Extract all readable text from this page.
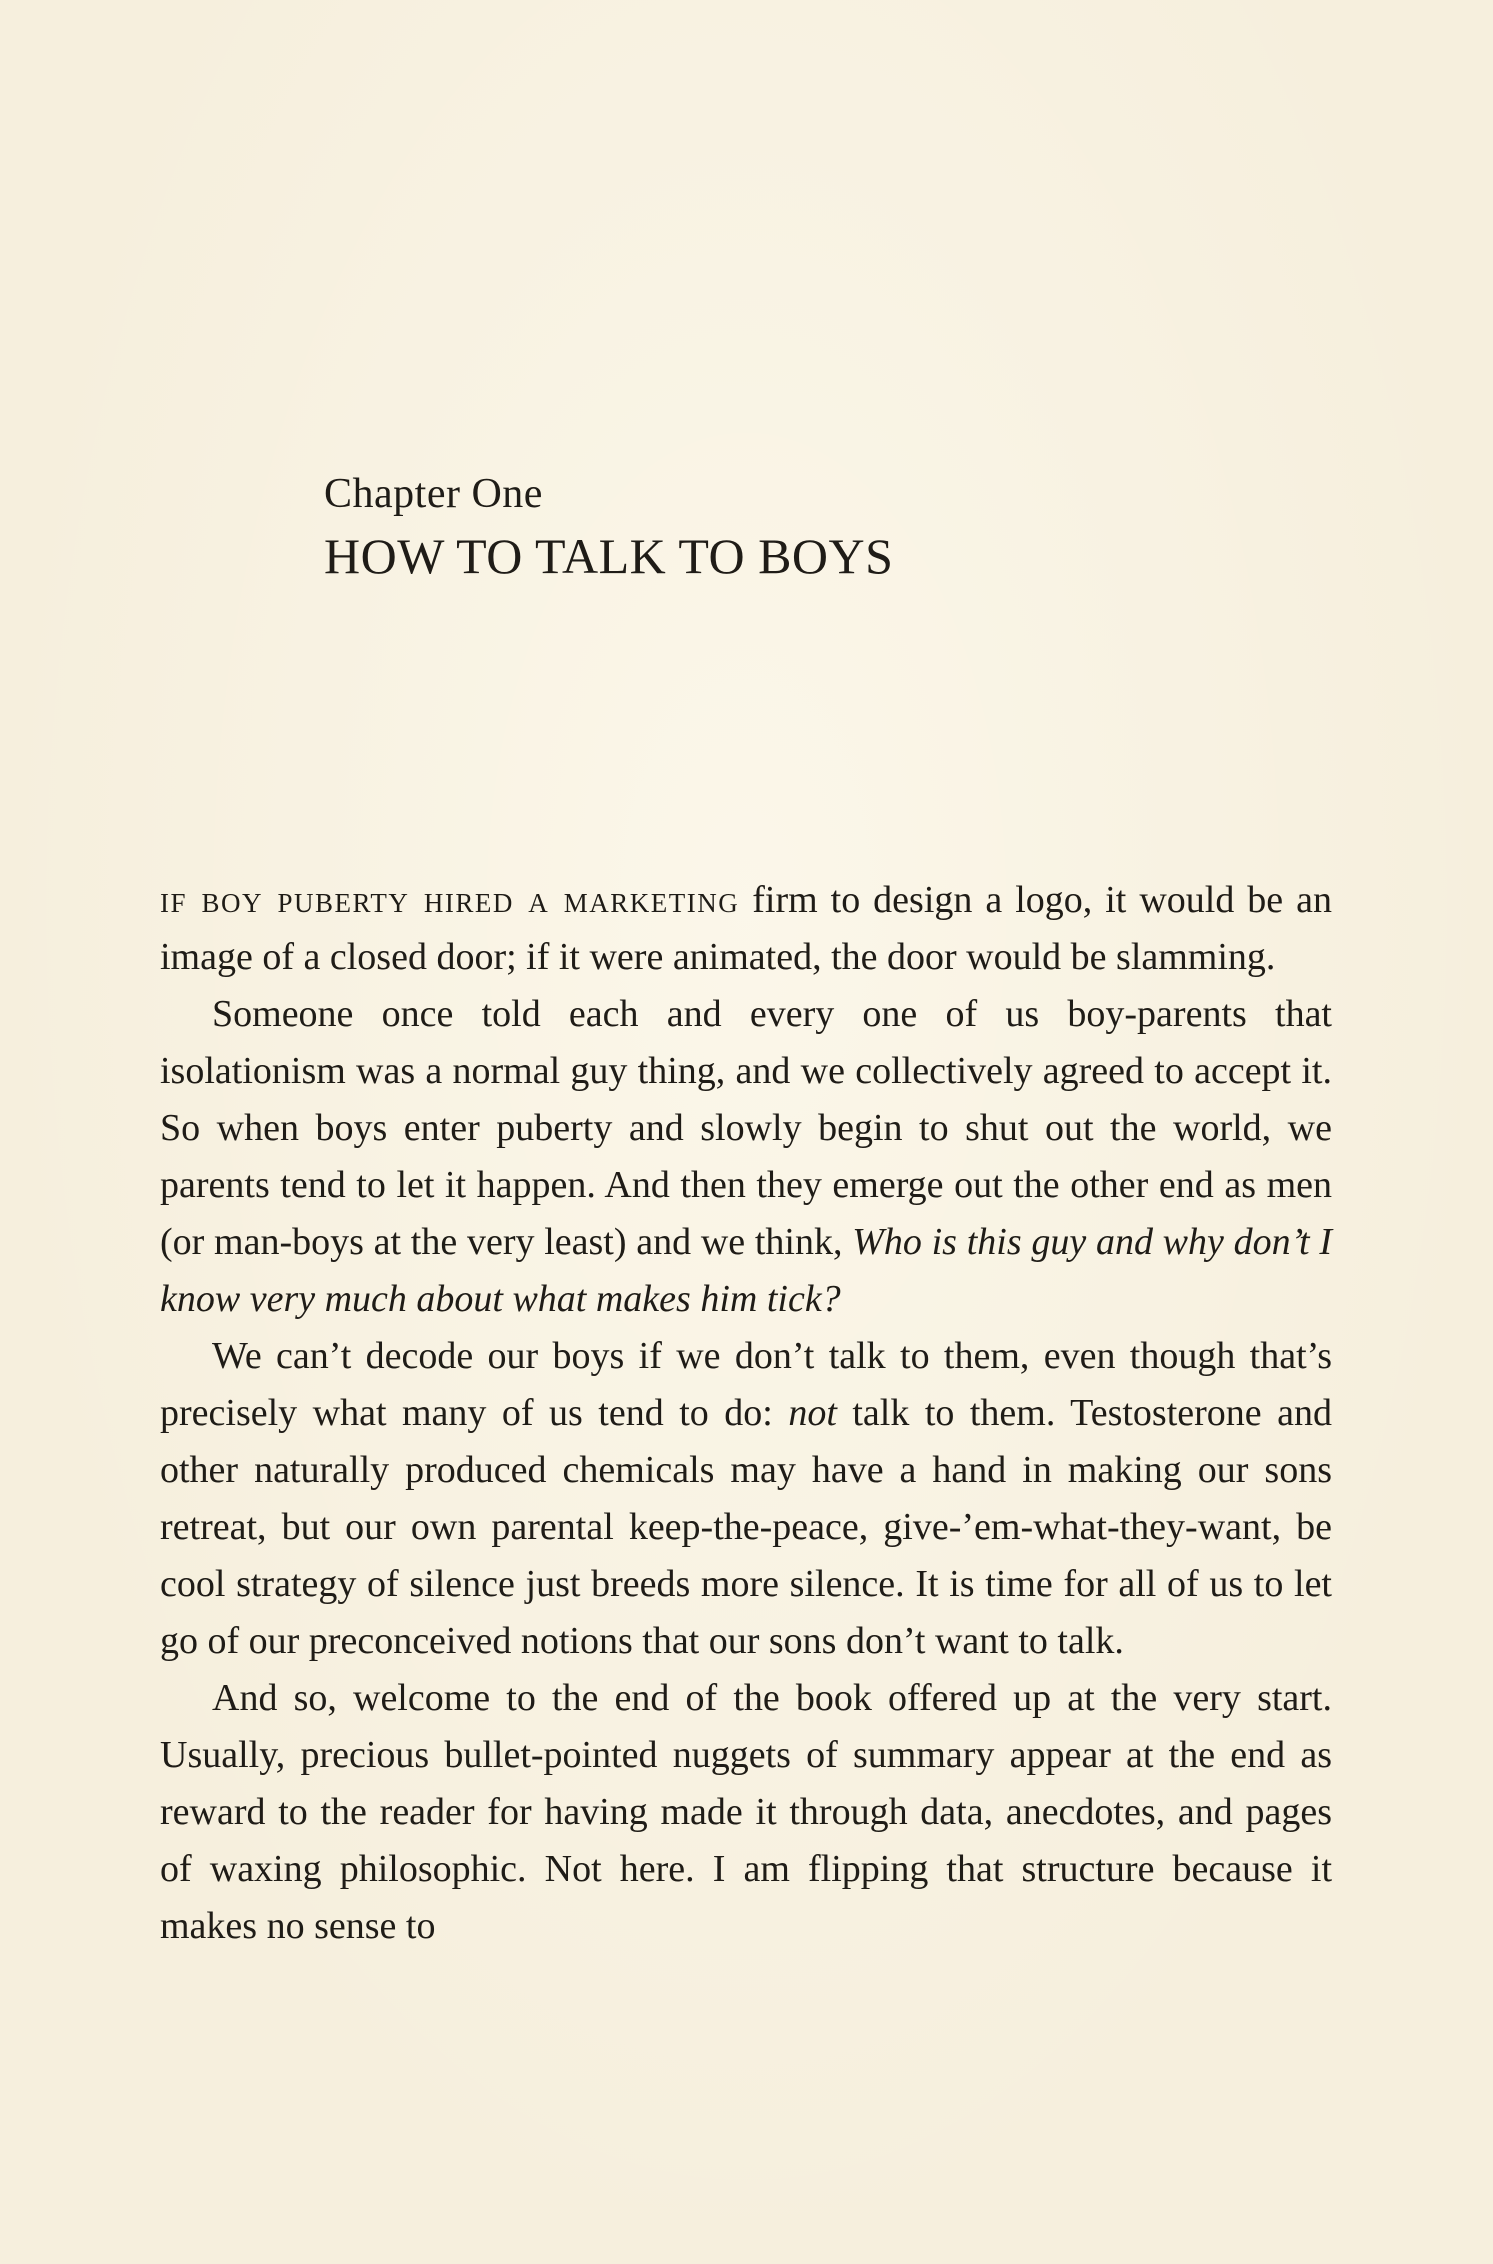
Chapter One
HOW TO TALK TO BOYS

if boy puberty hired a marketing firm to design a logo, it would be an image of a closed door; if it were animated, the door would be slamming.

Someone once told each and every one of us boy-parents that isolationism was a normal guy thing, and we collectively agreed to accept it. So when boys enter puberty and slowly begin to shut out the world, we parents tend to let it happen. And then they emerge out the other end as men (or man-boys at the very least) and we think, Who is this guy and why don’t I know very much about what makes him tick?

We can’t decode our boys if we don’t talk to them, even though that’s precisely what many of us tend to do: not talk to them. Testosterone and other naturally produced chemicals may have a hand in making our sons retreat, but our own parental keep-the-peace, give-’em-what-they-want, be cool strategy of silence just breeds more silence. It is time for all of us to let go of our preconceived notions that our sons don’t want to talk.

And so, welcome to the end of the book offered up at the very start. Usually, precious bullet-pointed nuggets of summary appear at the end as reward to the reader for having made it through data, anecdotes, and pages of waxing philosophic. Not here. I am flipping that structure because it makes no sense to
